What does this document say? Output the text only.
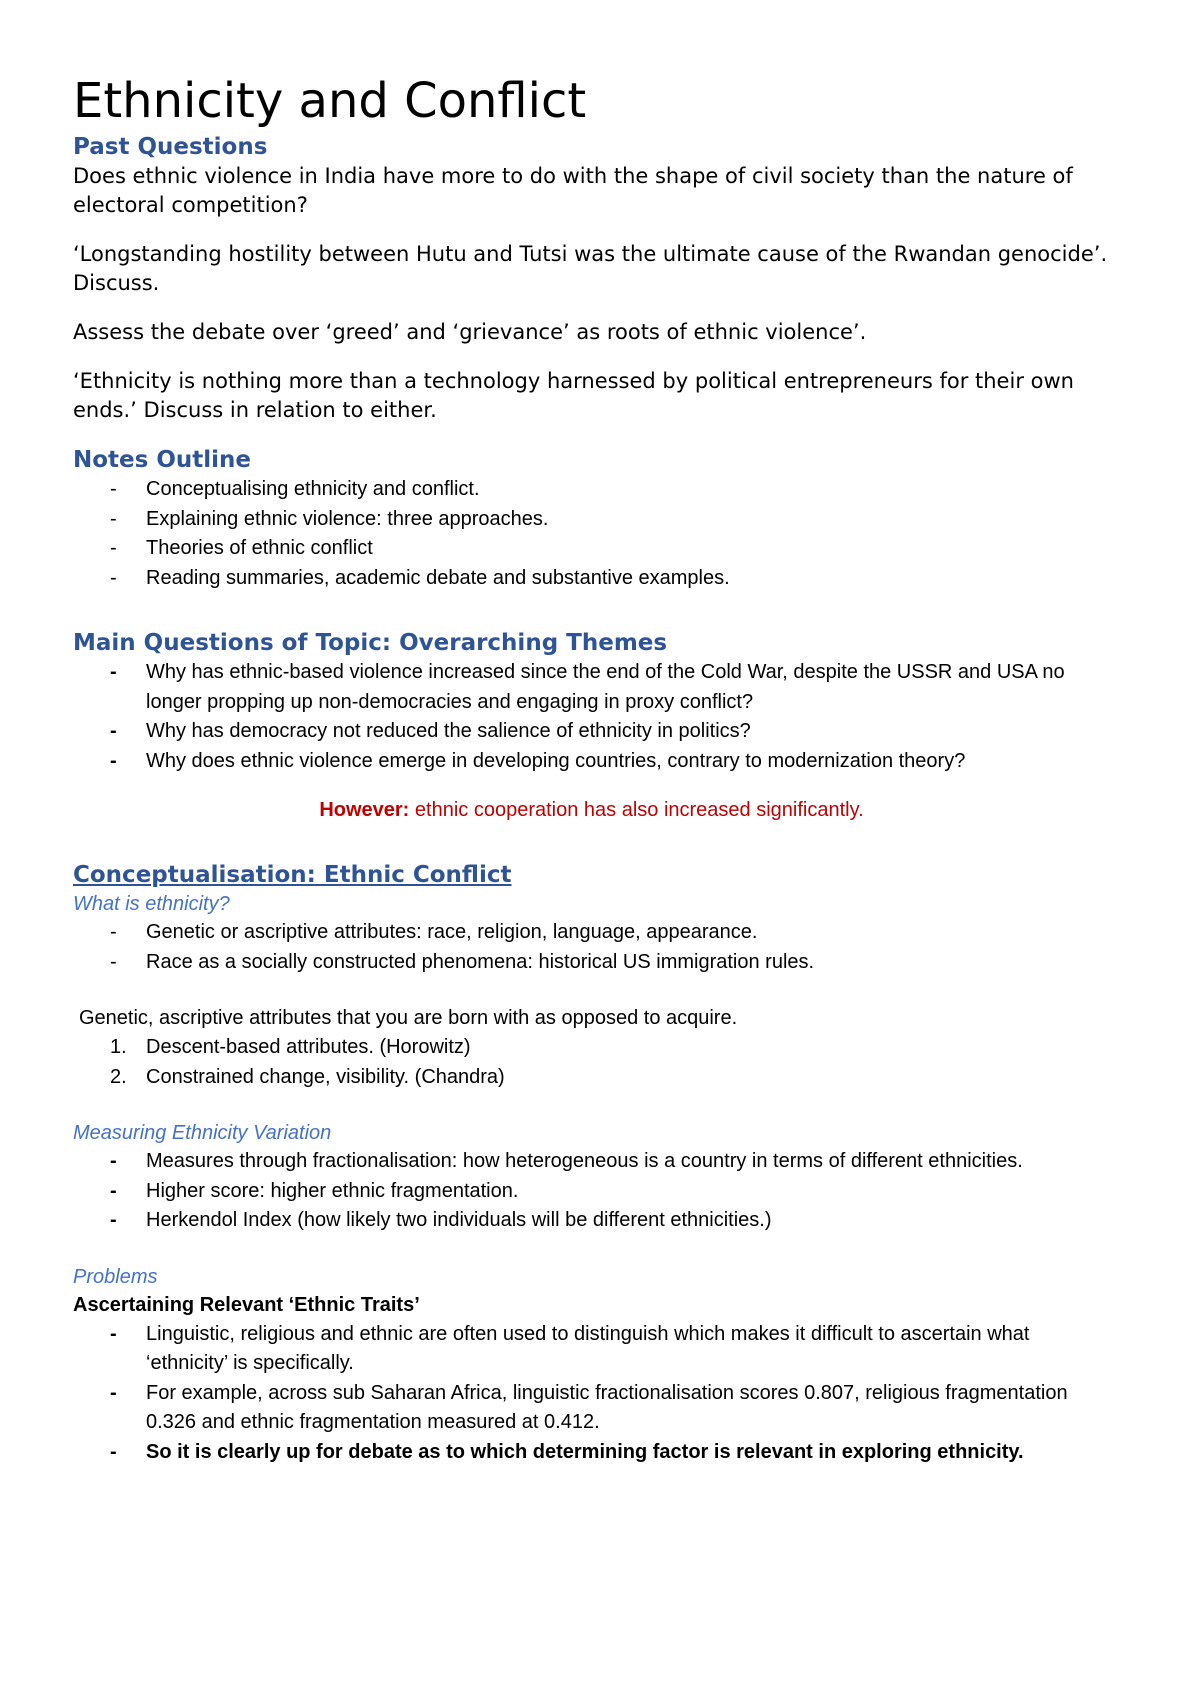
Ethnicity and Conflict
Past Questions

Does ethnic violence in India have more to do with the shape of civil society than the nature of electoral competition?

‘Longstanding hostility between Hutu and Tutsi was the ultimate cause of the Rwandan genocide’. Discuss.

Assess the debate over ‘greed’ and ‘grievance’ as roots of ethnic violence’.

‘Ethnicity is nothing more than a technology harnessed by political entrepreneurs for their own ends.’ Discuss in relation to either.

Notes Outline
- Conceptualising ethnicity and conflict.
- Explaining ethnic violence: three approaches.
- Theories of ethnic conflict
- Reading summaries, academic debate and substantive examples.
Main Questions of Topic: Overarching Themes
- Why has ethnic-based violence increased since the end of the Cold War, despite the USSR and USA no longer propping up non-democracies and engaging in proxy conflict?
- Why has democracy not reduced the salience of ethnicity in politics?
- Why does ethnic violence emerge in developing countries, contrary to modernization theory?

However: ethnic cooperation has also increased significantly.

Conceptualisation: Ethnic Conflict

What is ethnicity?

- Genetic or ascriptive attributes: race, religion, language, appearance.
- Race as a socially constructed phenomena: historical US immigration rules.

Genetic, ascriptive attributes that you are born with as opposed to acquire.

1. Descent-based attributes. (Horowitz)
2. Constrained change, visibility. (Chandra)

Measuring Ethnicity Variation

- Measures through fractionalisation: how heterogeneous is a country in terms of different ethnicities.
- Higher score: higher ethnic fragmentation.
- Herkendol Index (how likely two individuals will be different ethnicities.)

Problems

Ascertaining Relevant ‘Ethnic Traits’

- Linguistic, religious and ethnic are often used to distinguish which makes it difficult to ascertain what ‘ethnicity’ is specifically.
- For example, across sub Saharan Africa, linguistic fractionalisation scores 0.807, religious fragmentation 0.326 and ethnic fragmentation measured at 0.412.
- So it is clearly up for debate as to which determining factor is relevant in exploring ethnicity.
